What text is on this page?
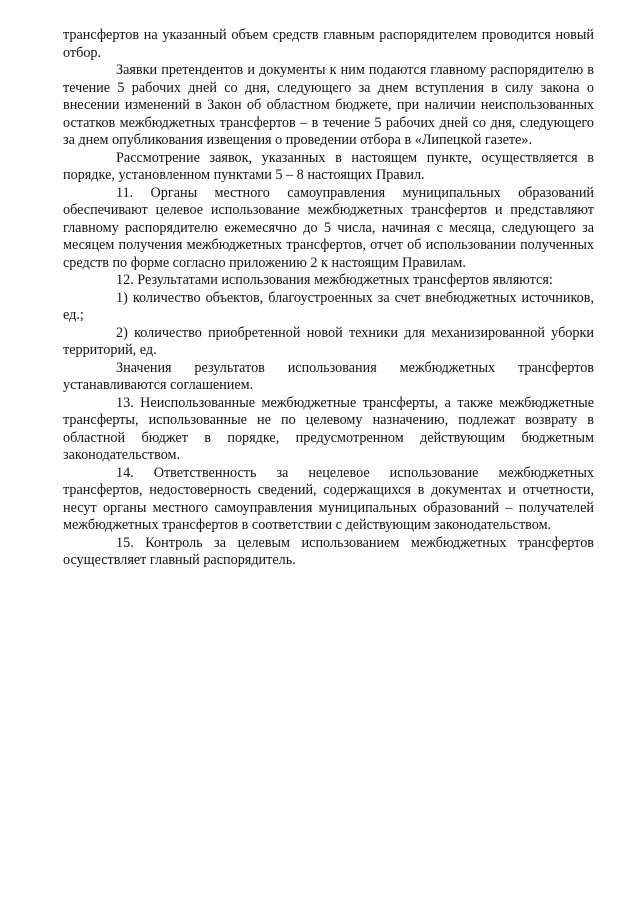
трансфертов на указанный объем средств главным распорядителем проводится новый отбор.

Заявки претендентов и документы к ним подаются главному распорядителю в течение 5 рабочих дней со дня, следующего за днем вступления в силу закона о внесении изменений в Закон об областном бюджете, при наличии неиспользованных остатков межбюджетных трансфертов – в течение 5 рабочих дней со дня, следующего за днем опубликования извещения о проведении отбора в «Липецкой газете».

Рассмотрение заявок, указанных в настоящем пункте, осуществляется в порядке, установленном пунктами 5 – 8 настоящих Правил.

11. Органы местного самоуправления муниципальных образований обеспечивают целевое использование межбюджетных трансфертов и представляют главному распорядителю ежемесячно до 5 числа, начиная с месяца, следующего за месяцем получения межбюджетных трансфертов, отчет об использовании полученных средств по форме согласно приложению 2 к настоящим Правилам.

12. Результатами использования межбюджетных трансфертов являются:

1) количество объектов, благоустроенных за счет внебюджетных источников, ед.;

2) количество приобретенной новой техники для механизированной уборки территорий, ед.

Значения результатов использования межбюджетных трансфертов устанавливаются соглашением.

13. Неиспользованные межбюджетные трансферты, а также межбюджетные трансферты, использованные не по целевому назначению, подлежат возврату в областной бюджет в порядке, предусмотренном действующим бюджетным законодательством.

14. Ответственность за нецелевое использование межбюджетных трансфертов, недостоверность сведений, содержащихся в документах и отчетности, несут органы местного самоуправления муниципальных образований – получателей межбюджетных трансфертов в соответствии с действующим законодательством.

15. Контроль за целевым использованием межбюджетных трансфертов осуществляет главный распорядитель.
